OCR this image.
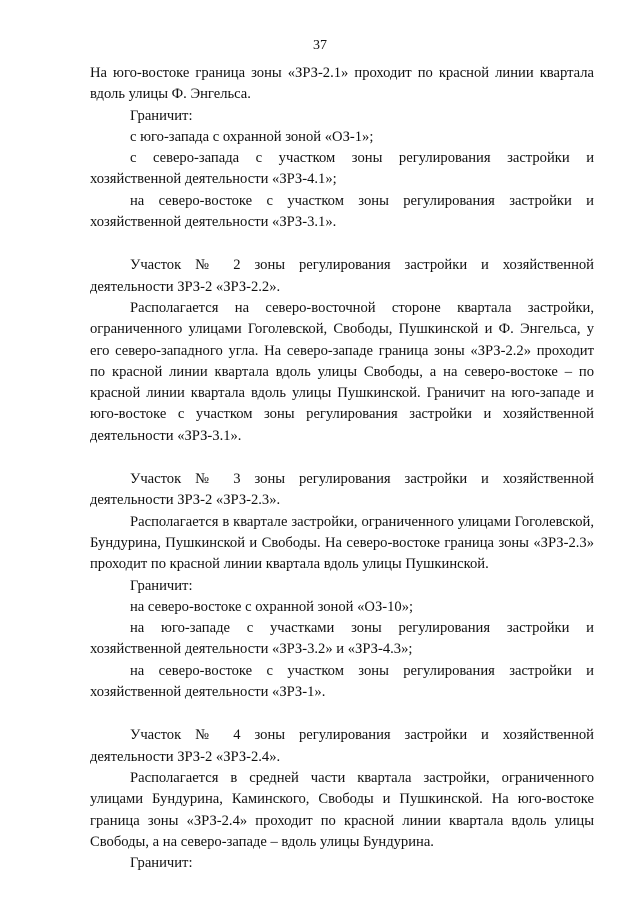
37

На юго-востоке граница зоны «ЗРЗ-2.1» проходит по красной линии квартала вдоль улицы Ф. Энгельса.

Граничит:

с юго-запада с охранной зоной «ОЗ-1»;

с северо-запада с участком зоны регулирования застройки и хозяйственной деятельности «ЗРЗ-4.1»;

на северо-востоке с участком зоны регулирования застройки и хозяйственной деятельности «ЗРЗ-3.1».

Участок № 2 зоны регулирования застройки и хозяйственной деятельности ЗРЗ-2 «ЗРЗ-2.2».

Располагается на северо-восточной стороне квартала застройки, ограниченного улицами Гоголевской, Свободы, Пушкинской и Ф. Энгельса, у его северо-западного угла. На северо-западе граница зоны «ЗРЗ-2.2» проходит по красной линии квартала вдоль улицы Свободы, а на северо-востоке – по красной линии квартала вдоль улицы Пушкинской. Граничит на юго-западе и юго-востоке с участком зоны регулирования застройки и хозяйственной деятельности «ЗРЗ-3.1».

Участок № 3 зоны регулирования застройки и хозяйственной деятельности ЗРЗ-2 «ЗРЗ-2.3».

Располагается в квартале застройки, ограниченного улицами Гоголевской, Бундурина, Пушкинской и Свободы. На северо-востоке граница зоны «ЗРЗ-2.3» проходит по красной линии квартала вдоль улицы Пушкинской.

Граничит:

на северо-востоке с охранной зоной «ОЗ-10»;

на юго-западе с участками зоны регулирования застройки и хозяйственной деятельности «ЗРЗ-3.2» и «ЗРЗ-4.3»;

на северо-востоке с участком зоны регулирования застройки и хозяйственной деятельности «ЗРЗ-1».

Участок № 4 зоны регулирования застройки и хозяйственной деятельности ЗРЗ-2 «ЗРЗ-2.4».

Располагается в средней части квартала застройки, ограниченного улицами Бундурина, Каминского, Свободы и Пушкинской. На юго-востоке граница зоны «ЗРЗ-2.4» проходит по красной линии квартала вдоль улицы Свободы, а на северо-западе – вдоль улицы Бундурина.

Граничит:
